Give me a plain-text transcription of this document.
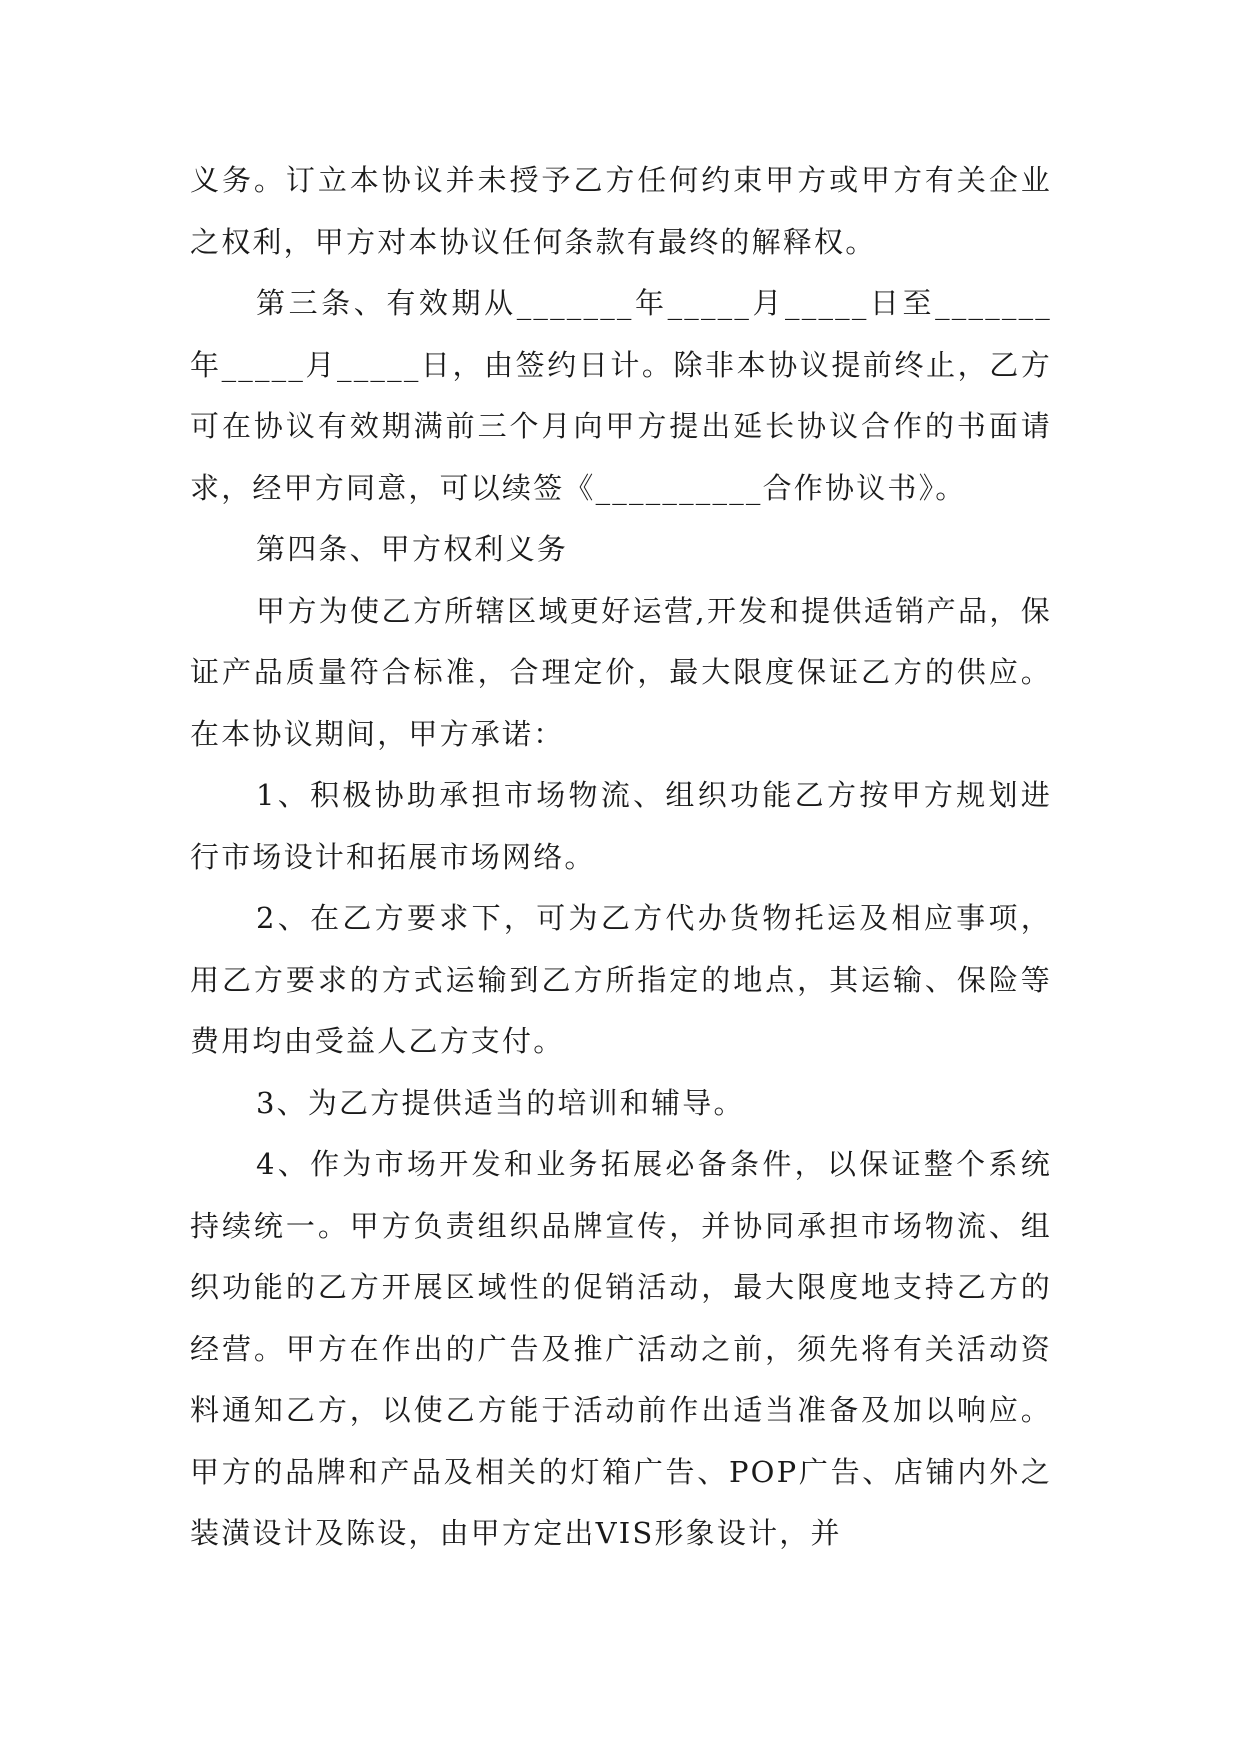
义务。订立本协议并未授予乙方任何约束甲方或甲方有关企业之权利，甲方对本协议任何条款有最终的解释权。

第三条、有效期从_______年_____月_____日至_______年_____月_____日，由签约日计。除非本协议提前终止，乙方可在协议有效期满前三个月向甲方提出延长协议合作的书面请求，经甲方同意，可以续签《__________合作协议书》。

第四条、甲方权利义务

甲方为使乙方所辖区域更好运营,开发和提供适销产品，保证产品质量符合标准，合理定价，最大限度保证乙方的供应。在本协议期间，甲方承诺：

1、积极协助承担市场物流、组织功能乙方按甲方规划进行市场设计和拓展市场网络。

2、在乙方要求下，可为乙方代办货物托运及相应事项，用乙方要求的方式运输到乙方所指定的地点，其运输、保险等费用均由受益人乙方支付。

3、为乙方提供适当的培训和辅导。

4、作为市场开发和业务拓展必备条件，以保证整个系统持续统一。甲方负责组织品牌宣传，并协同承担市场物流、组织功能的乙方开展区域性的促销活动，最大限度地支持乙方的经营。甲方在作出的广告及推广活动之前，须先将有关活动资料通知乙方，以使乙方能于活动前作出适当准备及加以响应。甲方的品牌和产品及相关的灯箱广告、POP广告、店铺内外之装潢设计及陈设，由甲方定出VIS形象设计，并
